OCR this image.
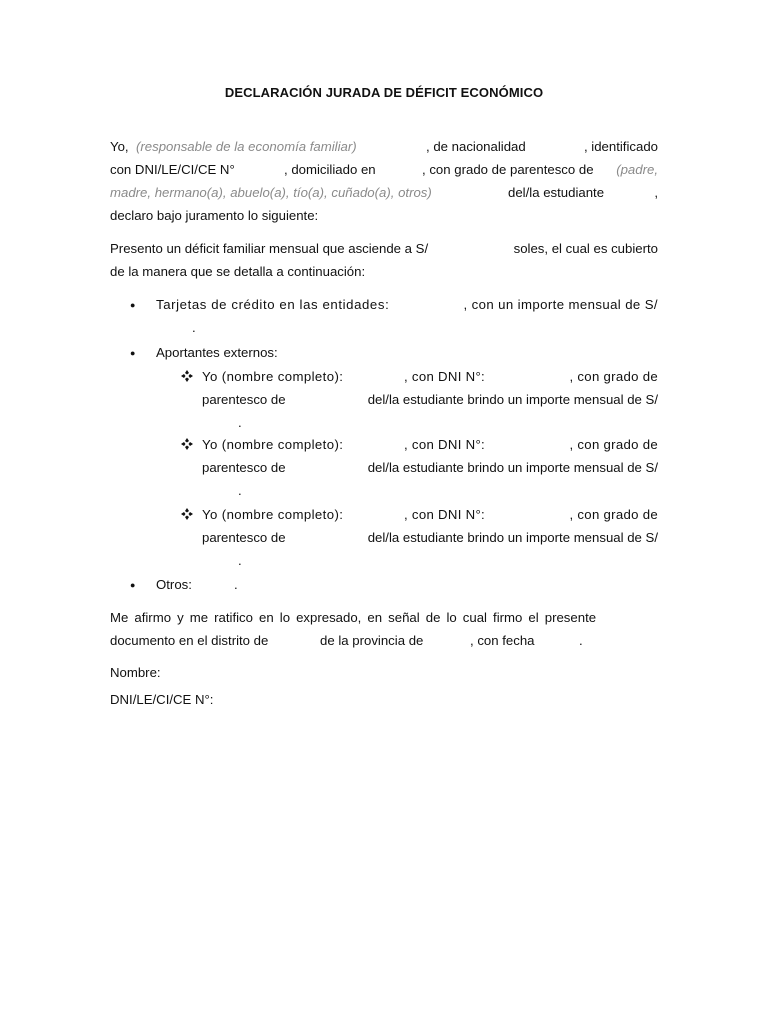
DECLARACIÓN JURADA DE DÉFICIT ECONÓMICO
Yo, (responsable de la economía familiar)	, de nacionalidad	, identificado
con DNI/LE/CI/CE N°	, domiciliado en	, con grado de parentesco de (padre,
madre, hermano(a), abuelo(a), tío(a), cuñado(a), otros)	del/la estudiante	,
declaro bajo juramento lo siguiente:
Presento un déficit familiar mensual que asciende a S/	soles, el cual es cubierto
de la manera que se detalla a continuación:
● Tarjetas de crédito en las entidades:	, con un importe mensual de S/
.
● Aportantes externos:
Yo (nombre completo):	, con DNI N°:	, con grado de
parentesco de	del/la estudiante brindo un importe mensual de S/
.
Yo (nombre completo):	, con DNI N°:	, con grado de
parentesco de	del/la estudiante brindo un importe mensual de S/
.
Yo (nombre completo):	, con DNI N°:	, con grado de
parentesco de	del/la estudiante brindo un importe mensual de S/
.
● Otros:	.
Me afirmo y me ratifico en lo expresado, en señal de lo cual firmo el presente
documento en el distrito de	de la provincia de	, con fecha	.
Nombre:
DNI/LE/CI/CE N°:
